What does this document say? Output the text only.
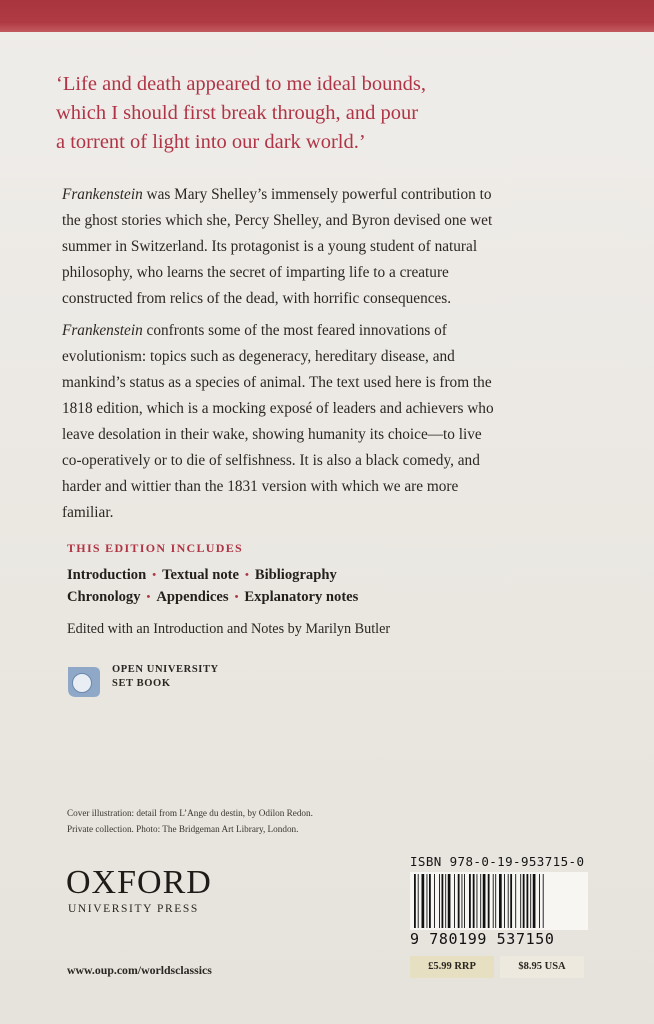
‘Life and death appeared to me ideal bounds,
which I should first break through, and pour
a torrent of light into our dark world.’
Frankenstein was Mary Shelley’s immensely powerful contribution to
the ghost stories which she, Percy Shelley, and Byron devised one wet
summer in Switzerland. Its protagonist is a young student of natural
philosophy, who learns the secret of imparting life to a creature
constructed from relics of the dead, with horrific consequences.
Frankenstein confronts some of the most feared innovations of
evolutionism: topics such as degeneracy, hereditary disease, and
mankind’s status as a species of animal. The text used here is from the
1818 edition, which is a mocking exposé of leaders and achievers who
leave desolation in their wake, showing humanity its choice—to live
co-operatively or to die of selfishness. It is also a black comedy, and
harder and wittier than the 1831 version with which we are more
familiar.
THIS EDITION INCLUDES
Introduction • Textual note • Bibliography
Chronology • Appendices • Explanatory notes
Edited with an Introduction and Notes by Marilyn Butler
OPEN UNIVERSITY
SET BOOK
Cover illustration: detail from L’Ange du destin, by Odilon Redon.
Private collection. Photo: The Bridgeman Art Library, London.
OXFORD
UNIVERSITY PRESS
www.oup.com/worldsclassics
ISBN 978-0-19-953715-0
9 780199 537150
£5.99 RRP	$8.95 USA
